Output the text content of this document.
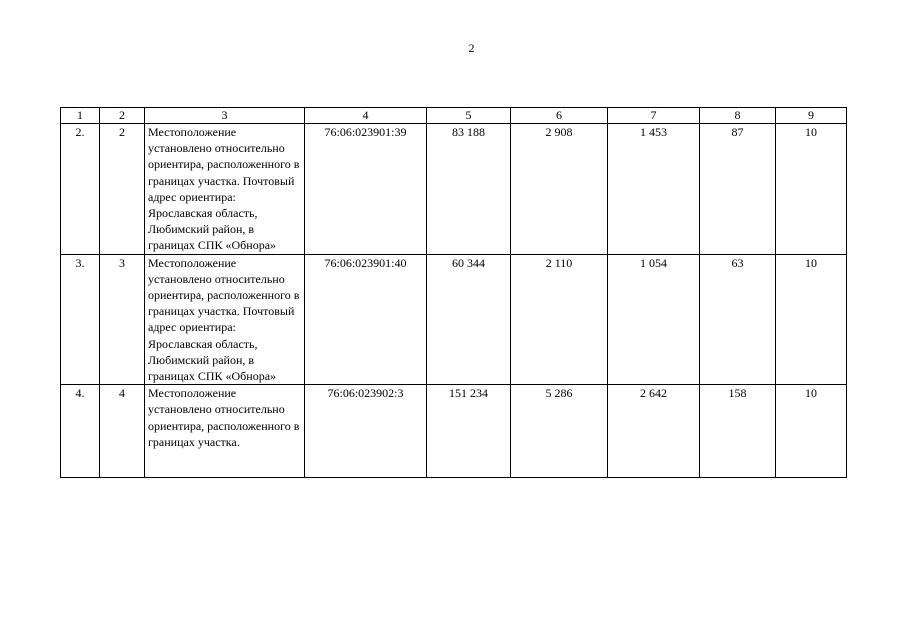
2
1	2	3	4	5	6	7	8	9
2.	2	Местоположение установлено относительно ориентира, расположенного в границах участка. Почтовый адрес ориентира: Ярославская область, Любимский район, в границах СПК «Обнора»	76:06:023901:39	83 188	2 908	1 453	87	10
3.	3	Местоположение установлено относительно ориентира, расположенного в границах участка. Почтовый адрес ориентира: Ярославская область, Любимский район, в границах СПК «Обнора»	76:06:023901:40	60 344	2 110	1 054	63	10
4.	4	Местоположение установлено относительно ориентира, расположенного в границах участка.	76:06:023902:3	151 234	5 286	2 642	158	10
